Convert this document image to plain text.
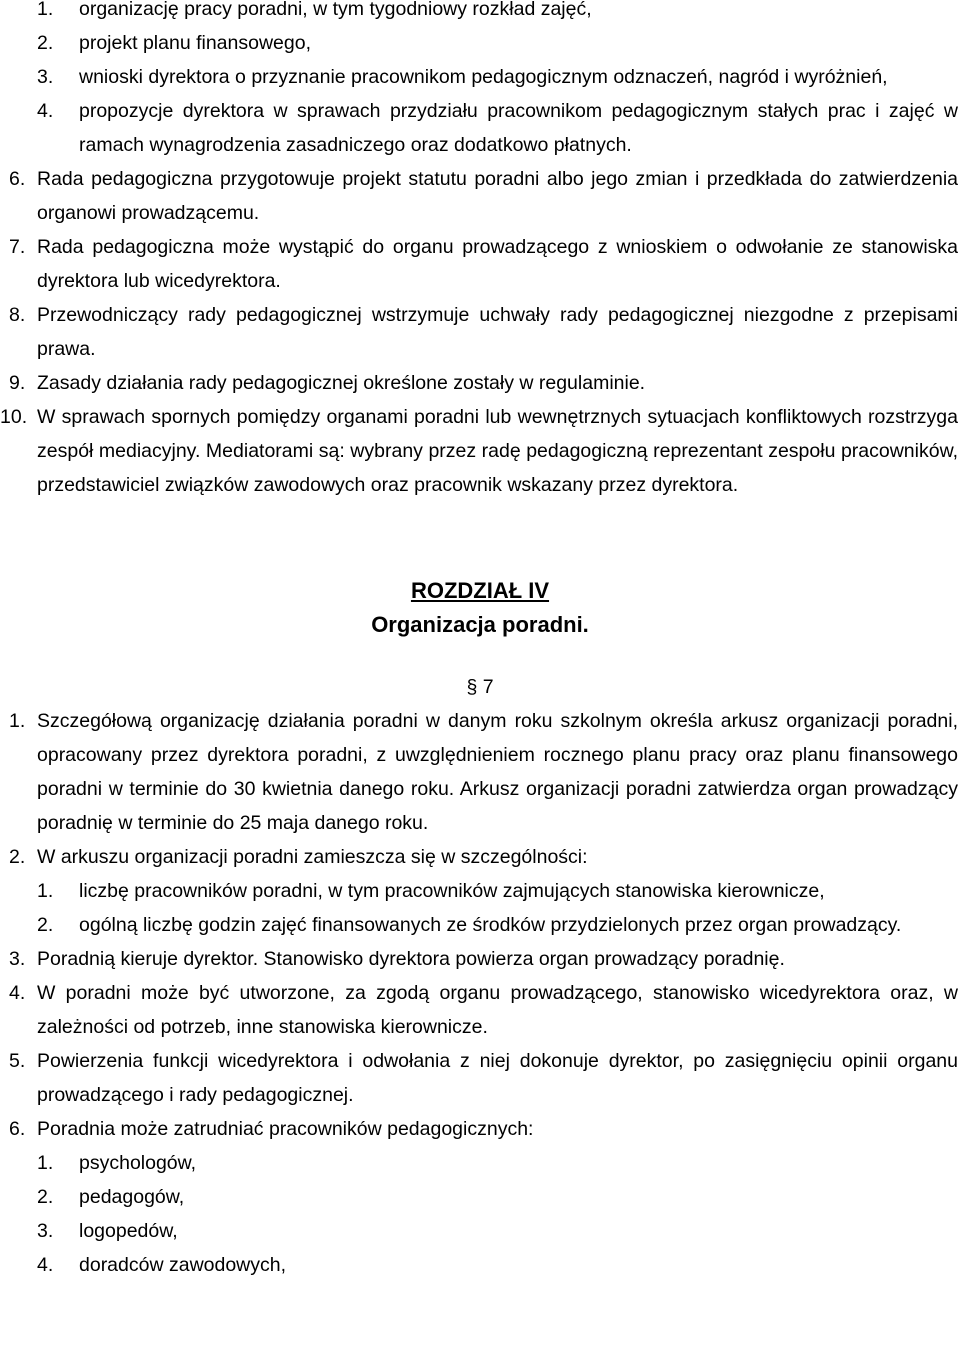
1. organizację pracy poradni, w tym tygodniowy rozkład zajęć,
2. projekt planu finansowego,
3. wnioski dyrektora o przyznanie pracownikom pedagogicznym odznaczeń, nagród i wyróżnień,
4. propozycje dyrektora w sprawach przydziału pracownikom pedagogicznym stałych prac i zajęć w ramach wynagrodzenia zasadniczego oraz dodatkowo płatnych.
6. Rada pedagogiczna przygotowuje projekt statutu poradni albo jego zmian i przedkłada do zatwierdzenia organowi prowadzącemu.
7. Rada pedagogiczna może wystąpić do organu prowadzącego z wnioskiem o odwołanie ze stanowiska dyrektora lub wicedyrektora.
8. Przewodniczący rady pedagogicznej wstrzymuje uchwały rady pedagogicznej niezgodne z przepisami prawa.
9. Zasady działania rady pedagogicznej określone zostały w regulaminie.
10. W sprawach spornych pomiędzy organami poradni lub wewnętrznych sytuacjach konfliktowych rozstrzyga zespół mediacyjny. Mediatorami są: wybrany przez radę pedagogiczną reprezentant zespołu pracowników, przedstawiciel związków zawodowych oraz pracownik wskazany przez dyrektora.
ROZDZIAŁ IV
Organizacja poradni.
§ 7
1. Szczegółową organizację działania poradni w danym roku szkolnym określa arkusz organizacji poradni, opracowany przez dyrektora poradni, z uwzględnieniem rocznego planu pracy oraz planu finansowego poradni w terminie do 30 kwietnia danego roku. Arkusz organizacji poradni zatwierdza organ prowadzący poradnię w terminie do 25 maja danego roku.
2. W arkuszu organizacji poradni zamieszcza się w szczególności:
1. liczbę pracowników poradni, w tym pracowników zajmujących stanowiska kierownicze,
2. ogólną liczbę godzin zajęć finansowanych ze środków przydzielonych przez organ prowadzący.
3. Poradnią kieruje dyrektor. Stanowisko dyrektora powierza organ prowadzący poradnię.
4. W poradni może być utworzone, za zgodą organu prowadzącego, stanowisko wicedyrektora oraz, w zależności od potrzeb, inne stanowiska kierownicze.
5. Powierzenia funkcji wicedyrektora i odwołania z niej dokonuje dyrektor, po zasięgnięciu opinii organu prowadzącego i rady pedagogicznej.
6. Poradnia może zatrudniać pracowników pedagogicznych:
1. psychologów,
2. pedagogów,
3. logopedów,
4. doradców zawodowych,
